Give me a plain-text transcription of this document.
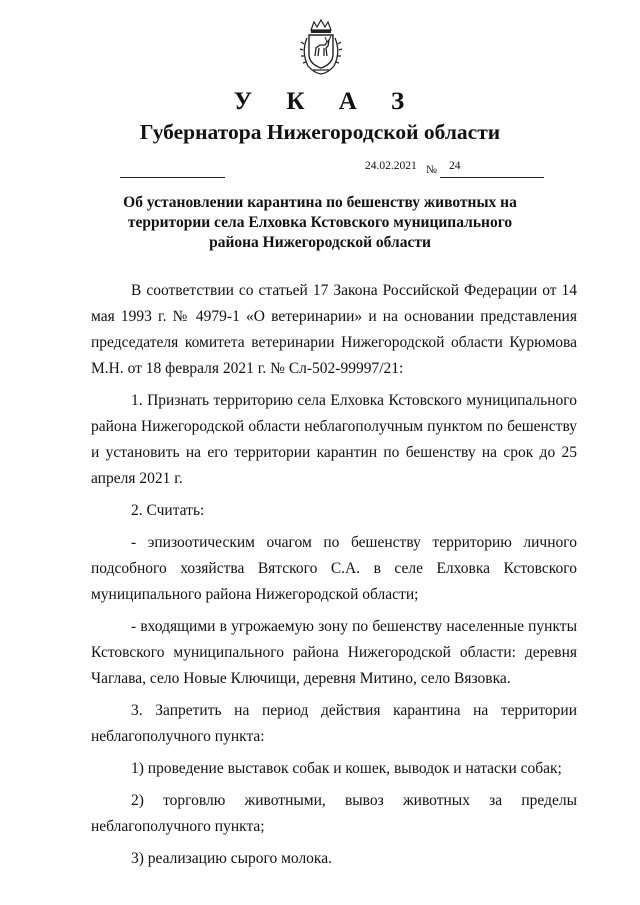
У К А З
Губернатора Нижегородской области
24.02.2021 № 24
Об установлении карантина по бешенству животных на
территории села Елховка Кстовского муниципального
района Нижегородской области

В соответствии со статьей 17 Закона Российской Федерации от 14 мая 1993 г. № 4979-1 «О ветеринарии» и на основании представления председателя комитета ветеринарии Нижегородской области Курюмова М.Н. от 18 февраля 2021 г. № Сл-502-99997/21:

1. Признать территорию села Елховка Кстовского муниципального района Нижегородской области неблагополучным пунктом по бешенству и установить на его территории карантин по бешенству на срок до 25 апреля 2021 г.

2. Считать:

- эпизоотическим очагом по бешенству территорию личного подсобного хозяйства Вятского С.А. в селе Елховка Кстовского муниципального района Нижегородской области;

- входящими в угрожаемую зону по бешенству населенные пункты Кстовского муниципального района Нижегородской области: деревня Чаглава, село Новые Ключищи, деревня Митино, село Вязовка.

3. Запретить на период действия карантина на территории неблагополучного пункта:

1) проведение выставок собак и кошек, выводок и натаски собак;

2) торговлю животными, вывоз животных за пределы неблагополучного пункта;

3) реализацию сырого молока.
